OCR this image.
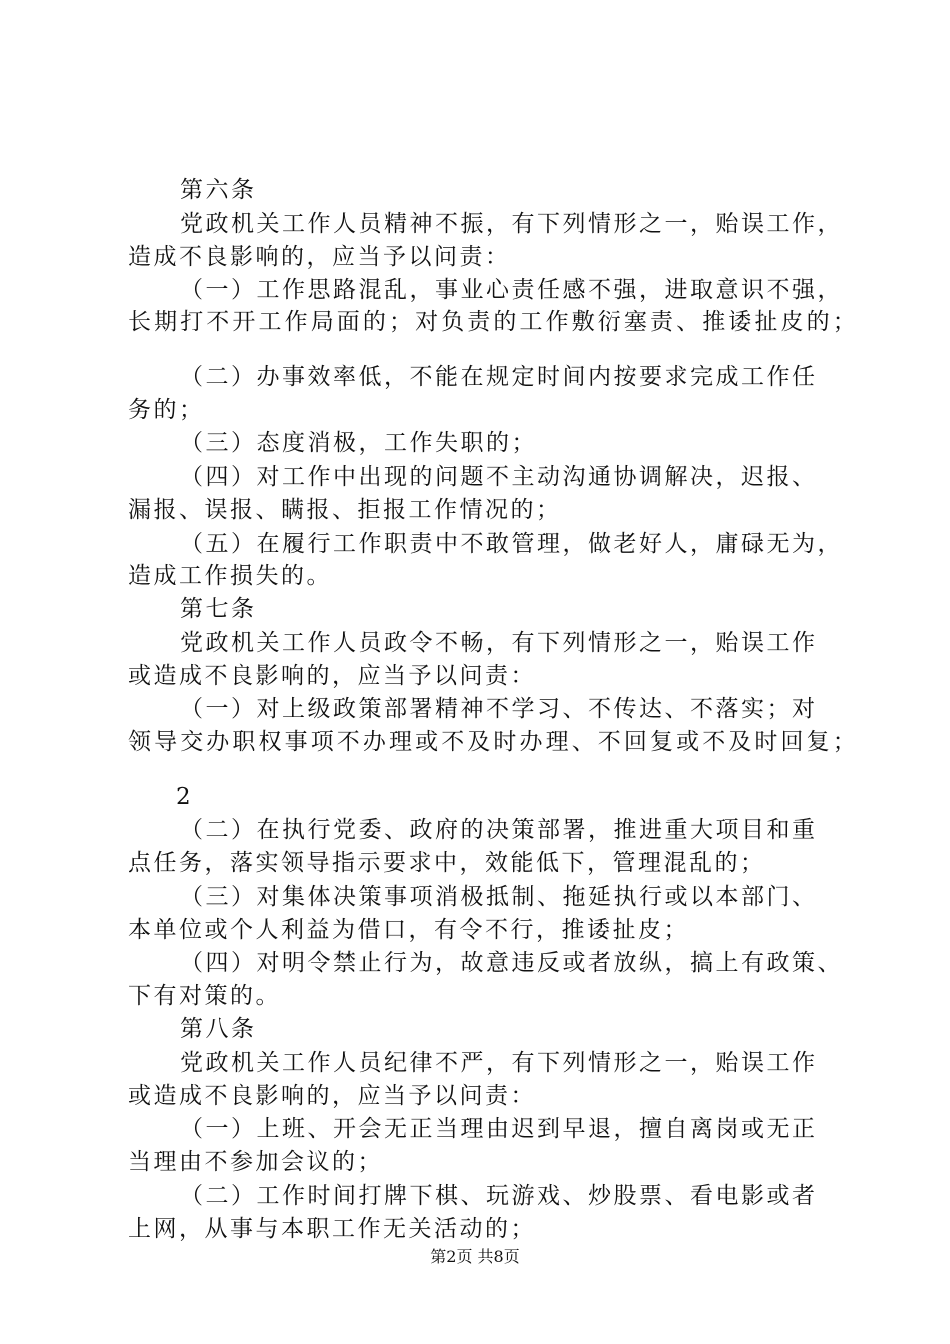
第六条
党政机关工作人员精神不振，有下列情形之一，贻误工作，
造成不良影响的，应当予以问责：
（一）工作思路混乱，事业心责任感不强，进取意识不强，
长期打不开工作局面的；对负责的工作敷衍塞责、推诿扯皮的；
（二）办事效率低，不能在规定时间内按要求完成工作任
务的；
（三）态度消极，工作失职的；
（四）对工作中出现的问题不主动沟通协调解决，迟报、
漏报、误报、瞒报、拒报工作情况的；
（五）在履行工作职责中不敢管理，做老好人，庸碌无为，
造成工作损失的。
第七条
党政机关工作人员政令不畅，有下列情形之一，贻误工作
或造成不良影响的，应当予以问责：
（一）对上级政策部署精神不学习、不传达、不落实；对
领导交办职权事项不办理或不及时办理、不回复或不及时回复；
2
（二）在执行党委、政府的决策部署，推进重大项目和重
点任务，落实领导指示要求中，效能低下，管理混乱的；
（三）对集体决策事项消极抵制、拖延执行或以本部门、
本单位或个人利益为借口，有令不行，推诿扯皮；
（四）对明令禁止行为，故意违反或者放纵，搞上有政策、
下有对策的。
第八条
党政机关工作人员纪律不严，有下列情形之一，贻误工作
或造成不良影响的，应当予以问责：
（一）上班、开会无正当理由迟到早退，擅自离岗或无正
当理由不参加会议的；
（二）工作时间打牌下棋、玩游戏、炒股票、看电影或者
上网，从事与本职工作无关活动的；
第2页 共8页
